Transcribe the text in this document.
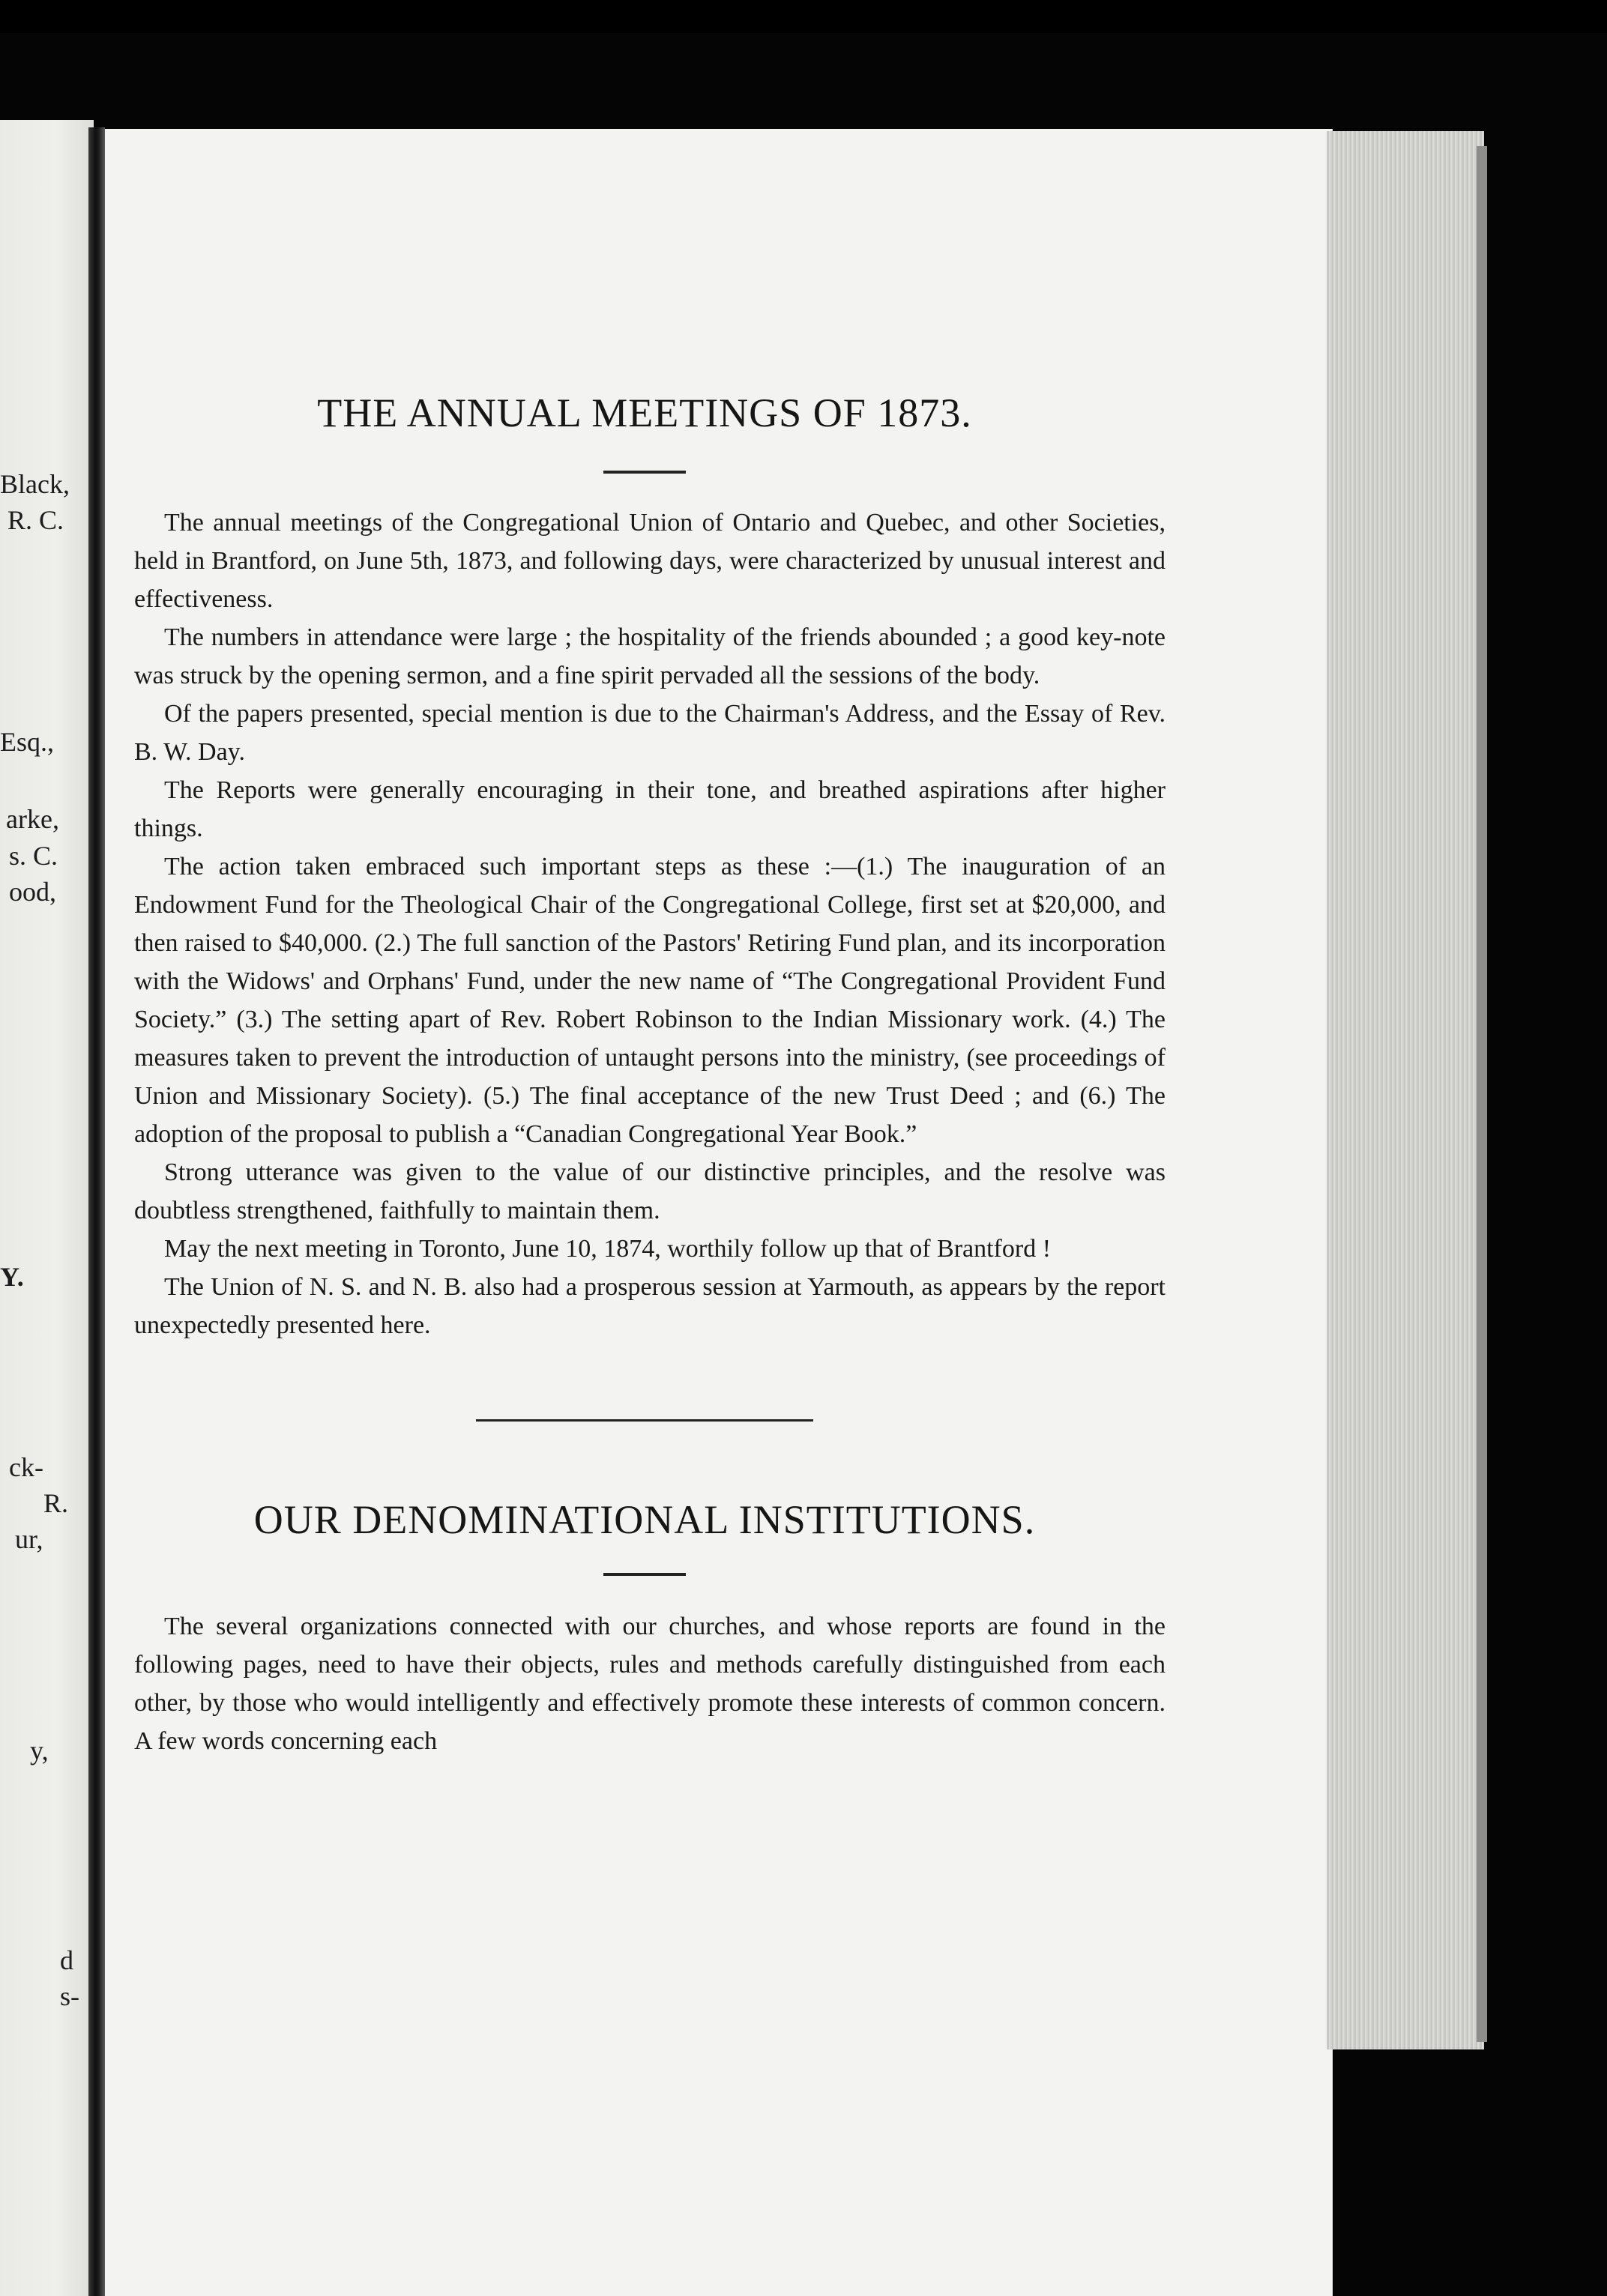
Black,
R. C.
Esq.,
arke,
s. C.
ood,
Y.
ck-
R.
ur,
y,
d
s-
THE ANNUAL MEETINGS OF 1873.

The annual meetings of the Congregational Union of Ontario and Quebec, and other Societies, held in Brantford, on June 5th, 1873, and following days, were characterized by unusual interest and effectiveness.

The numbers in attendance were large ; the hospitality of the friends abounded ; a good key-note was struck by the opening sermon, and a fine spirit pervaded all the sessions of the body.

Of the papers presented, special mention is due to the Chairman's Address, and the Essay of Rev. B. W. Day.

The Reports were generally encouraging in their tone, and breathed aspirations after higher things.

The action taken embraced such important steps as these :—(1.) The inauguration of an Endowment Fund for the Theological Chair of the Congregational College, first set at $20,000, and then raised to $40,000. (2.) The full sanction of the Pastors' Retiring Fund plan, and its incorporation with the Widows' and Orphans' Fund, under the new name of “The Congregational Provident Fund Society.” (3.) The setting apart of Rev. Robert Robinson to the Indian Missionary work. (4.) The measures taken to prevent the introduction of untaught persons into the ministry, (see proceedings of Union and Missionary Society). (5.) The final acceptance of the new Trust Deed ; and (6.) The adoption of the proposal to publish a “Canadian Congregational Year Book.”

Strong utterance was given to the value of our distinctive principles, and the resolve was doubtless strengthened, faithfully to maintain them.

May the next meeting in Toronto, June 10, 1874, worthily follow up that of Brantford !

The Union of N. S. and N. B. also had a prosperous session at Yarmouth, as appears by the report unexpectedly presented here.

OUR DENOMINATIONAL INSTITUTIONS.

The several organizations connected with our churches, and whose reports are found in the following pages, need to have their objects, rules and methods carefully distinguished from each other, by those who would intelligently and effectively promote these interests of common concern. A few words concerning each
